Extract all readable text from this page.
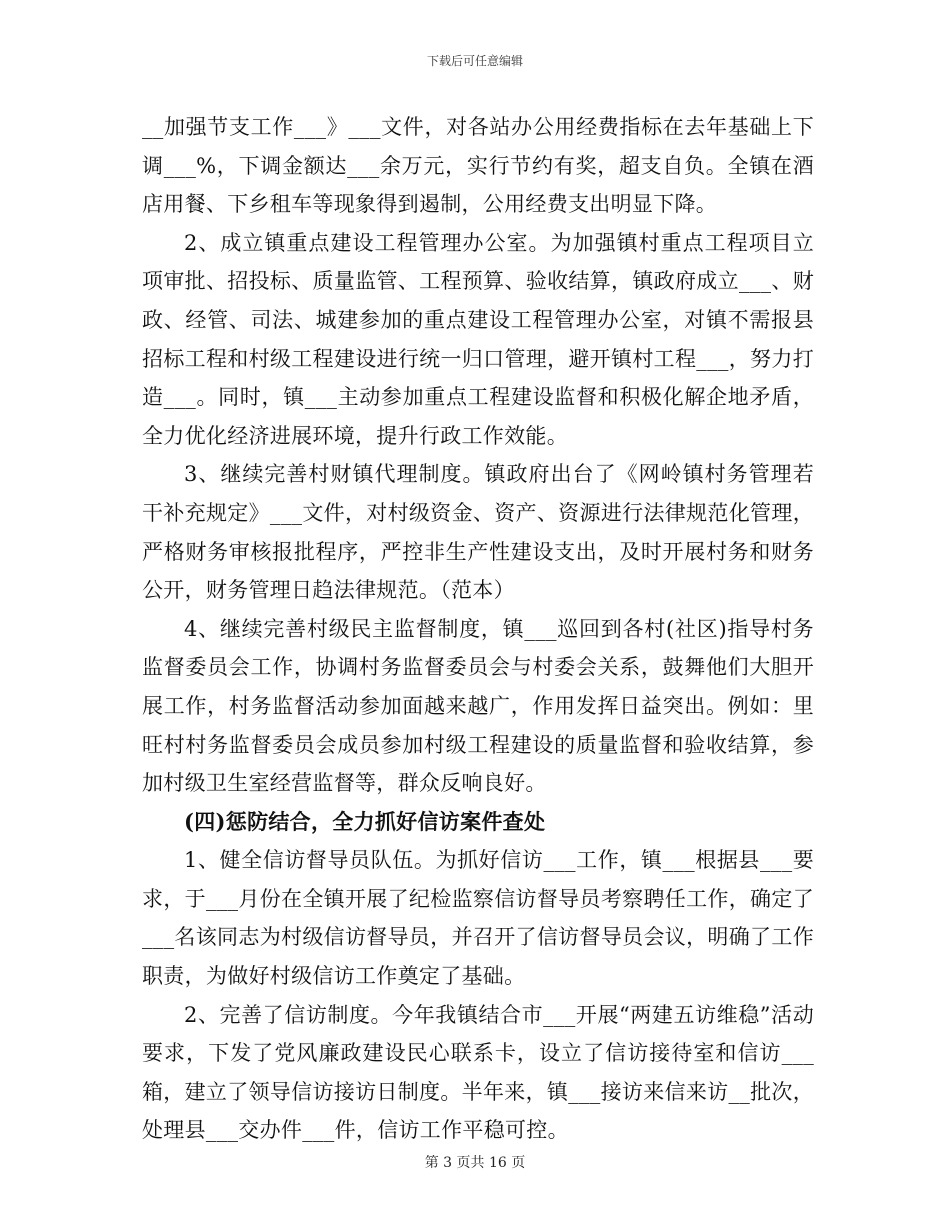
下载后可任意编辑

__加强节支工作___》___文件，对各站办公用经费指标在去年基础上下调___%，下调金额达___余万元，实行节约有奖，超支自负。全镇在酒店用餐、下乡租车等现象得到遏制，公用经费支出明显下降。

2、成立镇重点建设工程管理办公室。为加强镇村重点工程项目立项审批、招投标、质量监管、工程预算、验收结算，镇政府成立___、财政、经管、司法、城建参加的重点建设工程管理办公室，对镇不需报县招标工程和村级工程建设进行统一归口管理，避开镇村工程___，努力打造___。同时，镇___主动参加重点工程建设监督和积极化解企地矛盾，全力优化经济进展环境，提升行政工作效能。

3、继续完善村财镇代理制度。镇政府出台了《网岭镇村务管理若干补充规定》___文件，对村级资金、资产、资源进行法律规范化管理，严格财务审核报批程序，严控非生产性建设支出，及时开展村务和财务公开，财务管理日趋法律规范。（范本）

4、继续完善村级民主监督制度，镇___巡回到各村(社区)指导村务监督委员会工作，协调村务监督委员会与村委会关系，鼓舞他们大胆开展工作，村务监督活动参加面越来越广，作用发挥日益突出。例如：里旺村村务监督委员会成员参加村级工程建设的质量监督和验收结算，参加村级卫生室经营监督等，群众反响良好。

(四)惩防结合，全力抓好信访案件查处

1、健全信访督导员队伍。为抓好信访___工作，镇___根据县___要求，于___月份在全镇开展了纪检监察信访督导员考察聘任工作，确定了___名该同志为村级信访督导员，并召开了信访督导员会议，明确了工作职责，为做好村级信访工作奠定了基础。

2、完善了信访制度。今年我镇结合市___开展“两建五访维稳”活动要求，下发了党风廉政建设民心联系卡，设立了信访接待室和信访___箱，建立了领导信访接访日制度。半年来，镇___接访来信来访__批次，处理县___交办件___件，信访工作平稳可控。

第 3 页共 16 页
